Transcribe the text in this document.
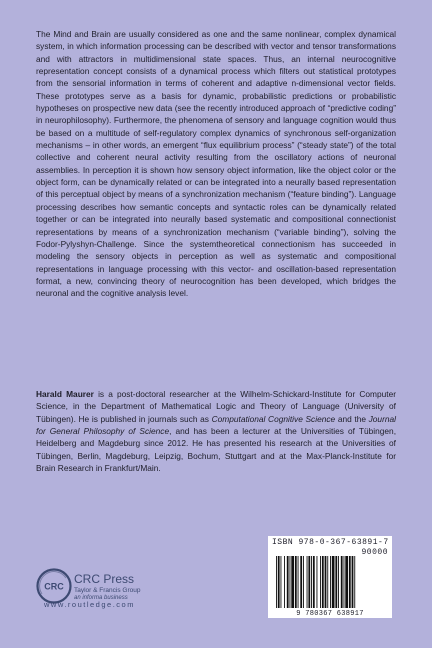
The Mind and Brain are usually considered as one and the same nonlinear, complex dynamical system, in which information processing can be described with vector and tensor transformations and with attractors in multidimensional state spaces. Thus, an internal neurocognitive representation concept consists of a dynamical process which filters out statistical prototypes from the sensorial information in terms of coherent and adaptive n-dimensional vector fields. These prototypes serve as a basis for dynamic, probabilistic predictions or probabilistic hypotheses on prospective new data (see the recently introduced approach of “predictive coding” in neurophilosophy). Furthermore, the phenomena of sensory and language cognition would thus be based on a multitude of self-regulatory complex dynamics of synchronous self-organization mechanisms – in other words, an emergent “flux equilibrium process” (“steady state”) of the total collective and coherent neural activity resulting from the oscillatory actions of neuronal assemblies. In perception it is shown how sensory object information, like the object color or the object form, can be dynamically related or can be integrated into a neurally based representation of this perceptual object by means of a synchronization mechanism (“feature binding”). Language processing describes how semantic concepts and syntactic roles can be dynamically related together or can be integrated into neurally based systematic and compositional connectionist representations by means of a synchronization mechanism (“variable binding”), solving the Fodor-Pylyshyn-Challenge. Since the systemtheoretical connectionism has succeeded in modeling the sensory objects in perception as well as systematic and compositional representations in language processing with this vector- and oscillation-based representation format, a new, convincing theory of neurocognition has been developed, which bridges the neuronal and the cognitive analysis level.

Harald Maurer is a post-doctoral researcher at the Wilhelm-Schickard-Institute for Computer Science, in the Department of Mathematical Logic and Theory of Language (University of Tübingen). He is published in journals such as Computational Cognitive Science and the Journal for General Philosophy of Science, and has been a lecturer at the Universities of Tübingen, Heidelberg and Magdeburg since 2012. He has presented his research at the Universities of Tübingen, Berlin, Magdeburg, Leipzig, Bochum, Stuttgart and at the Max-Planck-Institute for Brain Research in Frankfurt/Main.

CRC
CRC Press
Taylor & Francis Group
an informa business
www.routledge.com
ISBN 978-0-367-63891-7
90000
9 780367 638917
